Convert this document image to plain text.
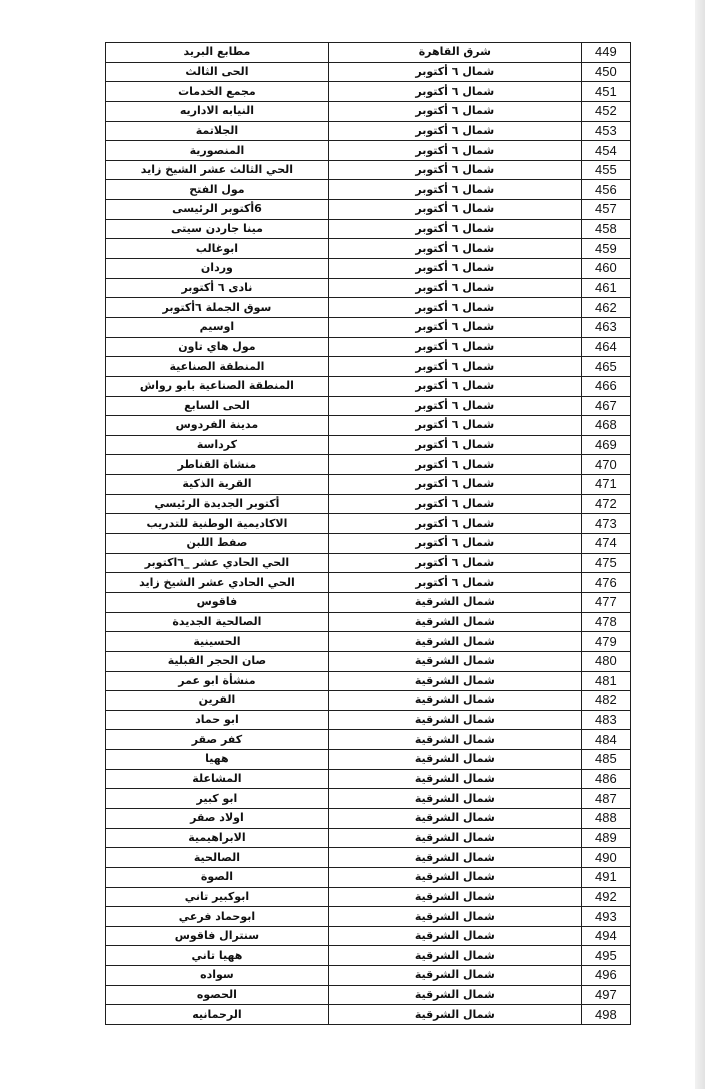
مطابع البريد	شرق القاهرة	449
الحى الثالث	شمال ٦ أكتوبر	450
مجمع الخدمات	شمال ٦ أكتوبر	451
النيابه الاداريه	شمال ٦ أكتوبر	452
الجلاتمة	شمال ٦ أكتوبر	453
المنصورية	شمال ٦ أكتوبر	454
الحي الثالث عشر الشيخ زايد	شمال ٦ أكتوبر	455
مول الفتح	شمال ٦ أكتوبر	456
6أكتوبر الرئيسى	شمال ٦ أكتوبر	457
مينا جاردن سيتى	شمال ٦ أكتوبر	458
ابوغالب	شمال ٦ أكتوبر	459
وردان	شمال ٦ أكتوبر	460
نادى ٦ أكتوبر	شمال ٦ أكتوبر	461
سوق الجملة ٦أكتوبر	شمال ٦ أكتوبر	462
اوسيم	شمال ٦ أكتوبر	463
مول هاي تاون	شمال ٦ أكتوبر	464
المنطقة الصناعية	شمال ٦ أكتوبر	465
المنطقة الصناعية بابو رواش	شمال ٦ أكتوبر	466
الحى السابع	شمال ٦ أكتوبر	467
مدينة الفردوس	شمال ٦ أكتوبر	468
كرداسة	شمال ٦ أكتوبر	469
منشاة القناطر	شمال ٦ أكتوبر	470
القرية الذكية	شمال ٦ أكتوبر	471
أكتوبر الجديدة الرئيسي	شمال ٦ أكتوبر	472
الاكاديمية الوطنية للتدريب	شمال ٦ أكتوبر	473
صفط اللبن	شمال ٦ أكتوبر	474
الحي الحادي عشر _٦اكتوبر	شمال ٦ أكتوبر	475
الحي الحادي عشر الشيخ زايد	شمال ٦ أكتوبر	476
فاقوس	شمال الشرقية	477
الصالحية الجديدة	شمال الشرقية	478
الحسينية	شمال الشرقية	479
صان الحجر القبلية	شمال الشرقية	480
منشأة ابو عمر	شمال الشرقية	481
القرين	شمال الشرقية	482
ابو حماد	شمال الشرقية	483
كفر صقر	شمال الشرقية	484
ههيا	شمال الشرقية	485
المشاعلة	شمال الشرقية	486
ابو كبير	شمال الشرقية	487
اولاد صقر	شمال الشرقية	488
الابراهيمية	شمال الشرقية	489
الصالحية	شمال الشرقية	490
الصوة	شمال الشرقية	491
ابوكبير تاني	شمال الشرقية	492
ابوحماد فرعي	شمال الشرقية	493
سنترال فاقوس	شمال الشرقية	494
ههيا تاني	شمال الشرقية	495
سواده	شمال الشرقية	496
الحصوه	شمال الشرقية	497
الرحمانيه	شمال الشرقية	498
